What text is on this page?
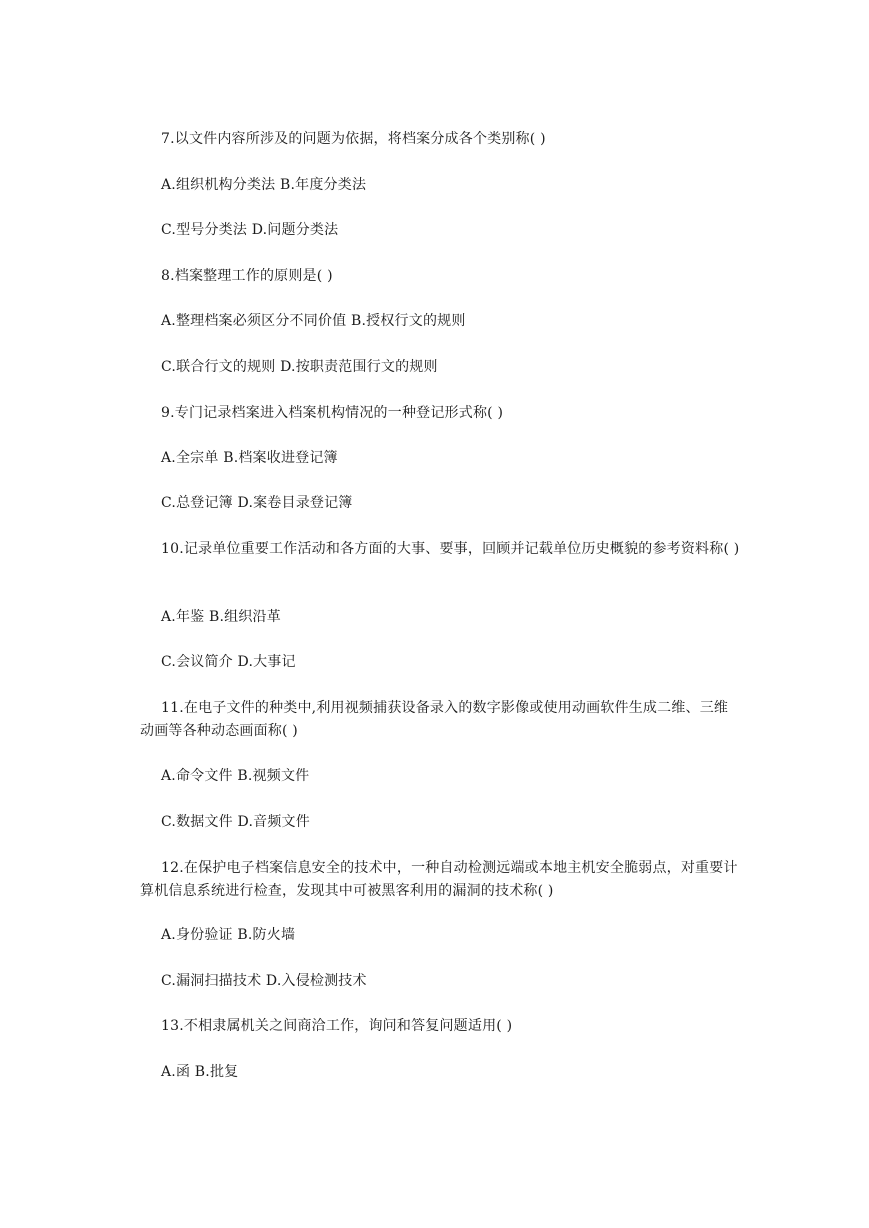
7.以文件内容所涉及的问题为依据，将档案分成各个类别称( )
A.组织机构分类法 B.年度分类法
C.型号分类法 D.问题分类法
8.档案整理工作的原则是( )
A.整理档案必须区分不同价值 B.授权行文的规则
C.联合行文的规则 D.按职责范围行文的规则
9.专门记录档案进入档案机构情况的一种登记形式称( )
A.全宗单 B.档案收进登记簿
C.总登记簿 D.案卷目录登记簿
10.记录单位重要工作活动和各方面的大事、要事，回顾并记载单位历史概貌的参考资料称( )
A.年鉴 B.组织沿革
C.会议简介 D.大事记
11.在电子文件的种类中,利用视频捕获设备录入的数字影像或使用动画软件生成二维、三维动画等各种动态画面称( )
A.命令文件 B.视频文件
C.数据文件 D.音频文件
12.在保护电子档案信息安全的技术中，一种自动检测远端或本地主机安全脆弱点，对重要计算机信息系统进行检查，发现其中可被黑客利用的漏洞的技术称( )
A.身份验证 B.防火墙
C.漏洞扫描技术 D.入侵检测技术
13.不相隶属机关之间商洽工作，询问和答复问题适用( )
A.函 B.批复
